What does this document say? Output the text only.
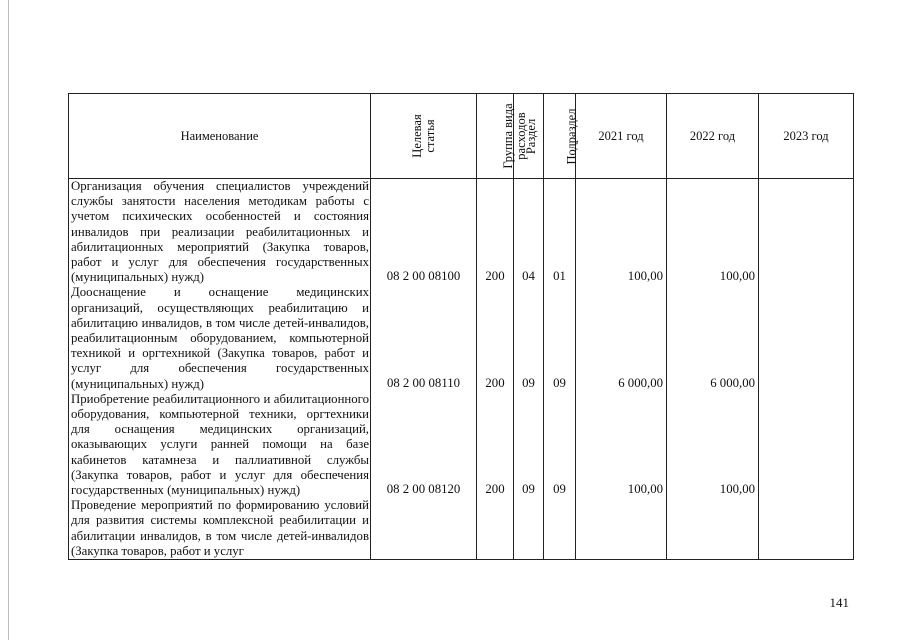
Наименование	Целевая статья	Группа вида расходов	Раздел	Подраздел	2021 год	2022 год	2023 год
Организация обучения специалистов учреждений службы занятости населения методикам работы с учетом психических особенностей и состояния инвалидов при реализации реабилитационных и абилитационных мероприятий (Закупка товаров, работ и услуг для обеспечения государственных (муниципальных) нужд)	08 2 00 08100	200	04	01	100,00	100,00	
Дооснащение и оснащение медицинских организаций, осуществляющих реабилитацию и абилитацию инвалидов, в том числе детей-инвалидов, реабилитационным оборудованием, компьютерной техникой и оргтехникой (Закупка товаров, работ и услуг для обеспечения государственных (муниципальных) нужд)	08 2 00 08110	200	09	09	6 000,00	6 000,00	
Приобретение реабилитационного и абилитационного оборудования, компьютерной техники, оргтехники для оснащения медицинских организаций, оказывающих услуги ранней помощи на базе кабинетов катамнеза и паллиативной службы (Закупка товаров, работ и услуг для обеспечения государственных (муниципальных) нужд)	08 2 00 08120	200	09	09	100,00	100,00	
Проведение мероприятий по формированию условий для развития системы комплексной реабилитации и абилитации инвалидов, в том числе детей-инвалидов (Закупка товаров, работ и услуг							
141
